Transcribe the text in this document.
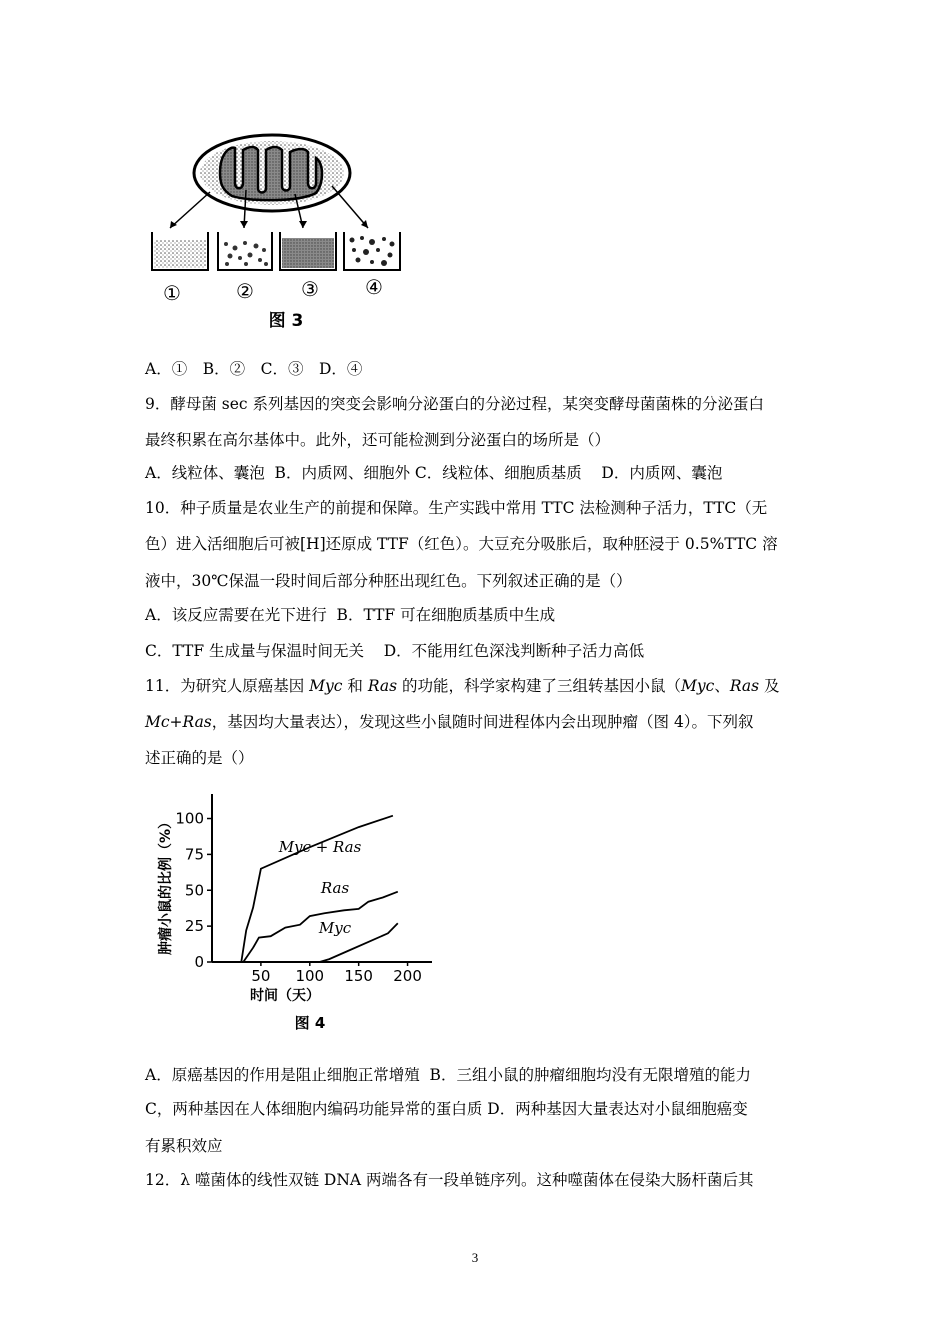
①	② ③ ④
图 3
A．①　B．②　C．③　D．④
9．酵母菌 sec 系列基因的突变会影响分泌蛋白的分泌过程，某突变酵母菌菌株的分泌蛋白
最终积累在高尔基体中。此外，还可能检测到分泌蛋白的场所是（）
A．线粒体、囊泡  B．内质网、细胞外 C．线粒体、细胞质基质    D．内质网、囊泡
10．种子质量是农业生产的前提和保障。生产实践中常用 TTC 法检测种子活力，TTC（无
色）进入活细胞后可被[H]还原成 TTF（红色）。大豆充分吸胀后，取种胚浸于 0.5%TTC 溶
液中，30℃保温一段时间后部分种胚出现红色。下列叙述正确的是（）
A．该反应需要在光下进行  B．TTF 可在细胞质基质中生成
C．TTF 生成量与保温时间无关    D．不能用红色深浅判断种子活力高低
11．为研究人原癌基因 Myc 和 Ras 的功能，科学家构建了三组转基因小鼠（Myc、Ras 及
Mc+Ras，基因均大量表达），发现这些小鼠随时间进程体内会出现肿瘤（图 4）。下列叙
述正确的是（）
肿瘤小鼠的比例（%）
时间（天）
图 4
0
25
50
75
100
50 100 150 200
Myc + Ras
Ras
Myc
A．原癌基因的作用是阻止细胞正常增殖  B．三组小鼠的肿瘤细胞均没有无限增殖的能力
C，两种基因在人体细胞内编码功能异常的蛋白质 D．两种基因大量表达对小鼠细胞癌变
有累积效应
12．λ 噬菌体的线性双链 DNA 两端各有一段单链序列。这种噬菌体在侵染大肠杆菌后其
3
